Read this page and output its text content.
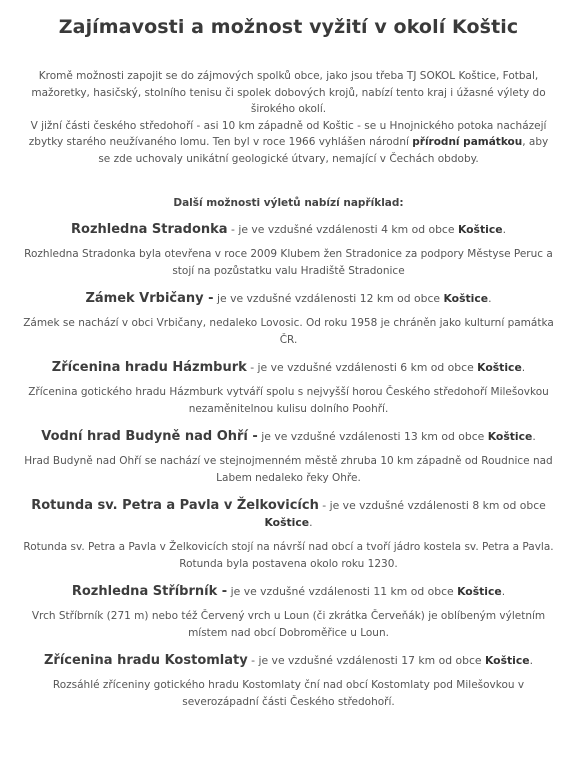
Zajímavosti a možnost vyžití v okolí Koštic

Kromě možnosti zapojit se do zájmových spolků obce, jako jsou třeba TJ SOKOL Koštice, Fotbal, mažoretky, hasičský, stolního tenisu či spolek dobových krojů, nabízí tento kraj i úžasné výlety do širokého okolí.

V jižní části českého středohoří - asi 10 km západně od Koštic - se u Hnojnického potoka nacházejí zbytky starého neužívaného lomu. Ten byl v roce 1966 vyhlášen národní přírodní památkou, aby se zde uchovaly unikátní geologické útvary, nemající v Čechách obdoby.

Další možnosti výletů nabízí například:
Rozhledna Stradonka - je ve vzdušné vzdálenosti 4 km od obce Koštice.
Rozhledna Stradonka byla otevřena v roce 2009 Klubem žen Stradonice za podpory Městyse Peruc a stojí na pozůstatku valu Hradiště Stradonice
Zámek Vrbičany - je ve vzdušné vzdálenosti 12 km od obce Koštice.
Zámek se nachází v obci Vrbičany, nedaleko Lovosic. Od roku 1958 je chráněn jako kulturní památka ČR.
Zřícenina hradu Házmburk - je ve vzdušné vzdálenosti 6 km od obce Koštice.
Zřícenina gotického hradu Házmburk vytváří spolu s nejvyšší horou Českého středohoří Milešovkou nezaměnitelnou kulisu dolního Poohří.
Vodní hrad Budyně nad Ohří - je ve vzdušné vzdálenosti 13 km od obce Koštice.
Hrad Budyně nad Ohří se nachází ve stejnojmenném městě zhruba 10 km západně od Roudnice nad Labem nedaleko řeky Ohře.
Rotunda sv. Petra a Pavla v Želkovicích - je ve vzdušné vzdálenosti 8 km od obce Koštice.
Rotunda sv. Petra a Pavla v Želkovicích stojí na návrší nad obcí a tvoří jádro kostela sv. Petra a Pavla. Rotunda byla postavena okolo roku 1230.
Rozhledna Stříbrník - je ve vzdušné vzdálenosti 11 km od obce Koštice.
Vrch Stříbrník (271 m) nebo též Červený vrch u Loun (či zkrátka Červeňák) je oblíbeným výletním místem nad obcí Dobroměřice u Loun.
Zřícenina hradu Kostomlaty - je ve vzdušné vzdálenosti 17 km od obce Koštice.
Rozsáhlé zříceniny gotického hradu Kostomlaty ční nad obcí Kostomlaty pod Milešovkou v severozápadní části Českého středohoří.
